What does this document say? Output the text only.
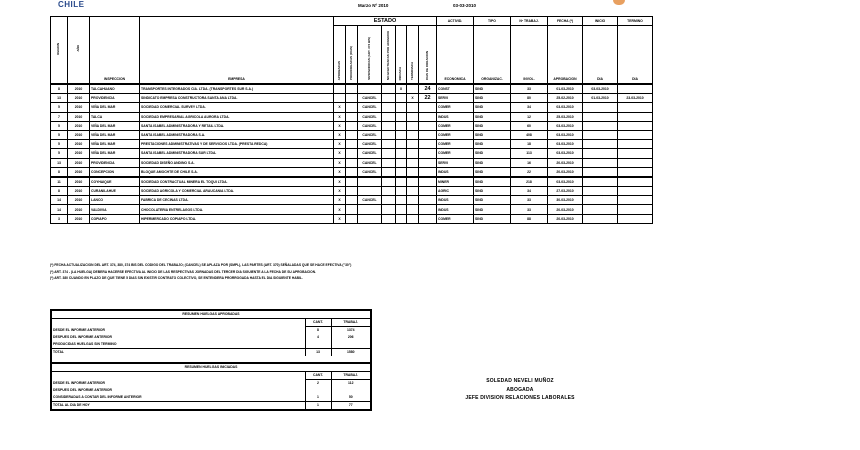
CHILE	Marzo Nº 2010	03-03-2010
REGION	AÑO	INSPECCION	EMPRESA	ESTADO							ACTIVID.	TIPO	Nº TRABAJ.	FECHA (*)	INICIO	TERMINO
				APROBADAS	PRORROGADAS (DIAS)	SUSPENDIDAS (ART. 374 BIS)	NO EFECTUADAS POR ACUERDO	INICIADA	TERMINADA	DIAS DE DURACION	ECONOMICA	ORGANIZAC.	INVOL.	APROBACION	DIA	DIA
8	2010	TALCAHUANO	TRANSPORTES INTEGRADOS CIA. LTDA. (TRANSPORTES SUR S.A.)					X		24	CONST	SIND	33	01-03-2010	03-03-2010	
13	2010	PROVIDENCIA	SINDICATO EMPRESA CONSTRUCTORA SANTA ANA LTDA.			CANCEL			X	22	SERVI	SIND	80	25-02-2010	01-03-2010	23-03-2010
5	2010	VIÑA DEL MAR	SOCIEDAD COMERCIAL SURVEY LTDA.	X		CANCEL					COMER	SIND	34	03-03-2010		
7	2010	TALCA	SOCIEDAD EMPRESARIAL AGRICOLA AURORA LTDA.	X		CANCEL					INDUS	SIND	12	25-03-2010		
5	2010	VIÑA DEL MAR	SANTA ISABEL ADMINISTRADORA Y RETAIL LTDA.	X		CANCEL					COMER	SIND	60	03-03-2010		
5	2010	VIÑA DEL MAR	SANTA ISABEL ADMINISTRADORA S.A.	X		CANCEL					COMER	SIND	408	03-03-2010		
5	2010	VIÑA DEL MAR	PRESTACIONES ADMINISTRATIVAS Y DE SERVICIOS LTDA. (PRESTA REDCA)	X		CANCEL					COMER	SIND	18	03-03-2010		
5	2010	VIÑA DEL MAR	SANTA ISABEL ADMINISTRADORA SUR LTDA.	X		CANCEL					COMER	SIND	113	03-03-2010		
13	2010	PROVIDENCIA	SOCIEDAD DISEÑO ANDINO S.A.	X		CANCEL					SERVI	SIND	16	20-03-2010		
8	2010	CONCEPCION	BLOQUE AMOCHTE DE CHILE S.A.	X		CANCEL					INDUS	SIND	22	20-03-2010		
11	2010	COYHAIQUE	SOCIEDAD CONTRACTUAL MINERA EL TOQUI LTDA.	X							MINER	SIND	218	03-03-2010		
8	2010	CURANILAHUE	SOCIEDAD AGRICOLA Y COMERCIAL ARAUCANIA LTDA.	X							AGRIC	SIND	34	27-03-2010		
14	2010	LANCO	FABRICA DE CECINAS LTDA.	X		CANCEL					INDUS	SIND	33	30-03-2010		
14	2010	VALDIVIA	CHOCOLATERIA ENTRELAGOS LTDA.	X							INDUS	SIND	33	20-03-2010		
3	2010	COPIAPO	HIPERMERCADO COPIAPO LTDA.	X							COMER	SIND	88	20-03-2010		
(*) FECHA ACTUALIZACION DEL ART. 374, 380, 374 BIS DEL CODIGO DEL TRABAJO; (CANCEL) SE APLAZA POR (SMPL), LAS PARTES (ART. 370) SEÑALADAS QUE SE HACE EFECTIVA ("30")
(*) ART. 374 - (LA HUELGA) DEBERA HACERSE EFECTIVA AL INICIO DE LAS RESPECTIVAS JORNADAS DEL TERCER DIA SIGUIENTE A LA FECHA DE SU APROBACION.
(*) ART. 380 CUANDO EN PLAZO DE QUE TIENE 5 DIAS SIN EXISTIR CONTRATO COLECTIVO, SE ENTENDERA PRORROGADA HASTA EL DIA SIGUIENTE HABIL.
RESUMEN HUELGAS APROBADAS		
	CANT.	TRABAJ.
DESDE EL INFORME ANTERIOR	8	1374
DESPUES DEL INFORME ANTERIOR	4	206
PRODUCIDAS HUELGAS SIN TERMINO		
TOTAL	13	1580

RESUMEN HUELGAS INICIADAS		
	CANT.	TRABAJ.
DESDE EL INFORME ANTERIOR	2	112
DESPUES DEL INFORME ANTERIOR		
CONSIDERADAS A CONTAR DEL INFORME ANTERIOR	1	50
TOTAL AL DIA DE HOY	1	77
SOLEDAD NEVELI MUÑOZ
ABOGADA
JEFE DIVISION RELACIONES LABORALES
